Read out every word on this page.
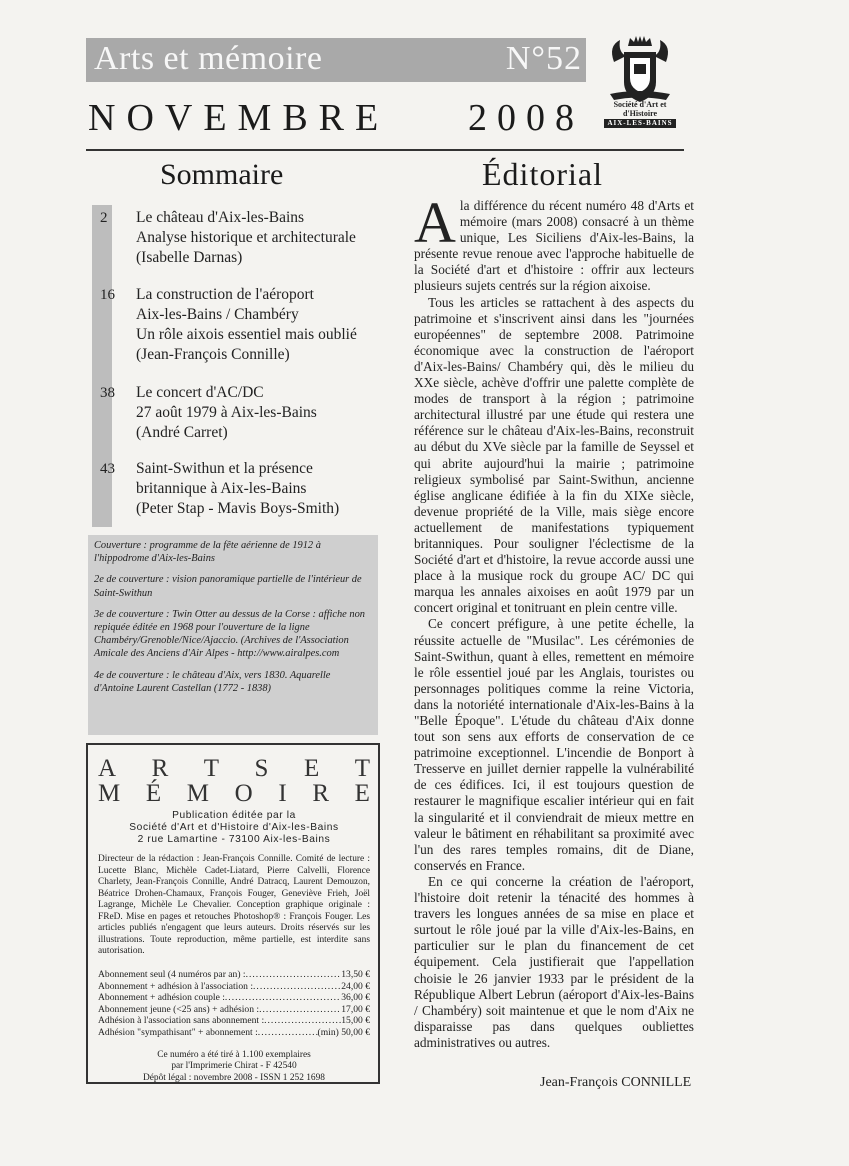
Arts et mémoire	N°52
Société d'Art et d'Histoire
AIX-LES-BAINS
NOVEMBRE 2008
Sommaire	Éditorial
2 Le château d'Aix-les-Bains
Analyse historique et architecturale
(Isabelle Darnas)
16 La construction de l'aéroport
Aix-les-Bains / Chambéry
Un rôle aixois essentiel mais oublié
(Jean-François Connille)
38 Le concert d'AC/DC
27 août 1979 à Aix-les-Bains
(André Carret)
43 Saint-Swithun et la présence
britannique à Aix-les-Bains
(Peter Stap - Mavis Boys-Smith)

Couverture : programme de la fête aérienne de 1912 à l'hippodrome d'Aix-les-Bains

2e de couverture : vision panoramique partielle de l'intérieur de Saint-Swithun

3e de couverture : Twin Otter au dessus de la Corse : affiche non repiquée éditée en 1968 pour l'ouverture de la ligne Chambéry/Grenoble/Nice/Ajaccio. (Archives de l'Association Amicale des Anciens d'Air Alpes - http://www.airalpes.com

4e de couverture : le château d'Aix, vers 1830. Aquarelle d'Antoine Laurent Castellan (1772 - 1838)

A R T S E T
M É M O I R E
Publication éditée par la
Société d'Art et d'Histoire d'Aix-les-Bains
2 rue Lamartine - 73100 Aix-les-Bains
Directeur de la rédaction : Jean-François Connille. Comité de lecture : Lucette Blanc, Michèle Cadet-Liatard, Pierre Calvelli, Florence Charlety, Jean-François Connille, André Datracq, Laurent Demouzon, Béatrice Drohen-Chamaux, François Fouger, Geneviève Frieh, Joël Lagrange, Michèle Le Chevalier. Conception graphique originale : FReD. Mise en pages et retouches Photoshop® : François Fouger. Les articles publiés n'engagent que leurs auteurs. Droits réservés sur les illustrations. Toute reproduction, même partielle, est interdite sans autorisation.
Abonnement seul (4 numéros par an) : .....	13,50 €
Abonnement + adhésion à l'association : .....	24,00 €
Abonnement + adhésion couple : .....	36,00 €
Abonnement jeune (<25 ans) + adhésion : .....	17,00 €
Adhésion à l'association sans abonnement : .....	15,00 €
Adhésion "sympathisant" + abonnement : .....	(min) 50,00 €
Ce numéro a été tiré à 1.100 exemplaires
par l'Imprimerie Chirat - F 42540
Dépôt légal : novembre 2008 - ISSN 1 252 1698

Ala différence du récent numéro 48 d'Arts et mémoire (mars 2008) consacré à un thème unique, Les Siciliens d'Aix-les-Bains, la présente revue renoue avec l'approche habituelle de la Société d'art et d'histoire : offrir aux lecteurs plusieurs sujets centrés sur la région aixoise.

Tous les articles se rattachent à des aspects du patrimoine et s'inscrivent ainsi dans les "journées européennes" de septembre 2008. Patrimoine économique avec la construction de l'aéroport d'Aix-les-Bains/ Chambéry qui, dès le milieu du XXe siècle, achève d'offrir une palette complète de modes de transport à la région ; patrimoine architectural illustré par une étude qui restera une référence sur le château d'Aix-les-Bains, reconstruit au début du XVe siècle par la famille de Seyssel et qui abrite aujourd'hui la mairie ; patrimoine religieux symbolisé par Saint-Swithun, ancienne église anglicane édifiée à la fin du XIXe siècle, devenue propriété de la Ville, mais siège encore actuellement de manifestations typiquement britanniques. Pour souligner l'éclectisme de la Société d'art et d'histoire, la revue accorde aussi une place à la musique rock du groupe AC/ DC qui marqua les annales aixoises en août 1979 par un concert original et tonitruant en plein centre ville.

Ce concert préfigure, à une petite échelle, la réussite actuelle de "Musilac". Les cérémonies de Saint-Swithun, quant à elles, remettent en mémoire le rôle essentiel joué par les Anglais, touristes ou personnages politiques comme la reine Victoria, dans la notoriété internationale d'Aix-les-Bains à la "Belle Époque". L'étude du château d'Aix donne tout son sens aux efforts de conservation de ce patrimoine exceptionnel. L'incendie de Bonport à Tresserve en juillet dernier rappelle la vulnérabilité de ces édifices. Ici, il est toujours question de restaurer le magnifique escalier intérieur qui en fait la singularité et il conviendrait de mieux mettre en valeur le bâtiment en réhabilitant sa proximité avec l'un des rares temples romains, dit de Diane, conservés en France.

En ce qui concerne la création de l'aéroport, l'histoire doit retenir la ténacité des hommes à travers les longues années de sa mise en place et surtout le rôle joué par la ville d'Aix-les-Bains, en particulier sur le plan du financement de cet équipement. Cela justifierait que l'appellation choisie le 26 janvier 1933 par le président de la République Albert Lebrun (aéroport d'Aix-les-Bains / Chambéry) soit maintenue et que le nom d'Aix ne disparaisse pas dans quelques oubliettes administratives ou autres.

Jean-François CONNILLE
